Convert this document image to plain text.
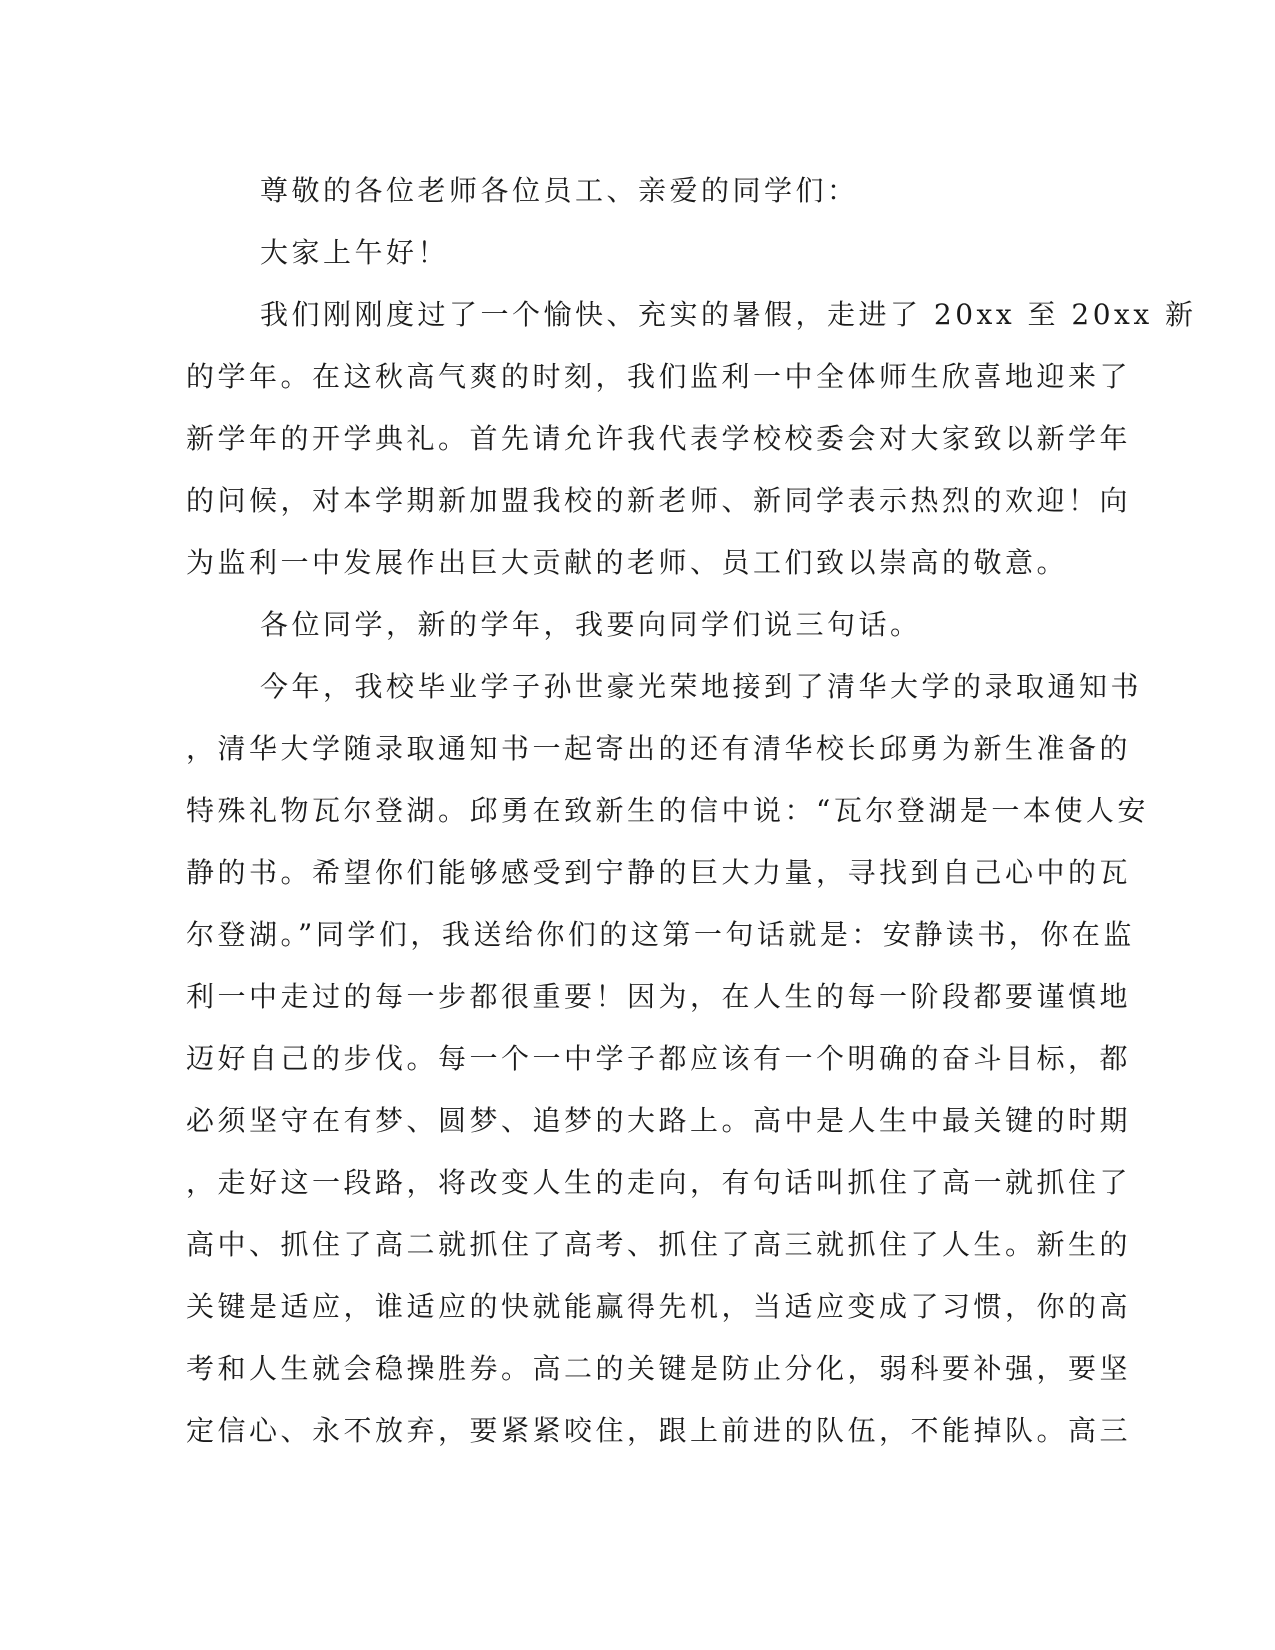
尊敬的各位老师各位员工、亲爱的同学们：
大家上午好！
我们刚刚度过了一个愉快、充实的暑假，走进了 20xx 至 20xx 新
的学年。在这秋高气爽的时刻，我们监利一中全体师生欣喜地迎来了
新学年的开学典礼。首先请允许我代表学校校委会对大家致以新学年
的问候，对本学期新加盟我校的新老师、新同学表示热烈的欢迎！向
为监利一中发展作出巨大贡献的老师、员工们致以崇高的敬意。
各位同学，新的学年，我要向同学们说三句话。
今年，我校毕业学子孙世豪光荣地接到了清华大学的录取通知书
，清华大学随录取通知书一起寄出的还有清华校长邱勇为新生准备的
特殊礼物瓦尔登湖。邱勇在致新生的信中说：“瓦尔登湖是一本使人安
静的书。希望你们能够感受到宁静的巨大力量，寻找到自己心中的瓦
尔登湖。”同学们，我送给你们的这第一句话就是：安静读书，你在监
利一中走过的每一步都很重要！因为，在人生的每一阶段都要谨慎地
迈好自己的步伐。每一个一中学子都应该有一个明确的奋斗目标，都
必须坚守在有梦、圆梦、追梦的大路上。高中是人生中最关键的时期
，走好这一段路，将改变人生的走向，有句话叫抓住了高一就抓住了
高中、抓住了高二就抓住了高考、抓住了高三就抓住了人生。新生的
关键是适应，谁适应的快就能赢得先机，当适应变成了习惯，你的高
考和人生就会稳操胜券。高二的关键是防止分化，弱科要补强，要坚
定信心、永不放弃，要紧紧咬住，跟上前进的队伍，不能掉队。高三
